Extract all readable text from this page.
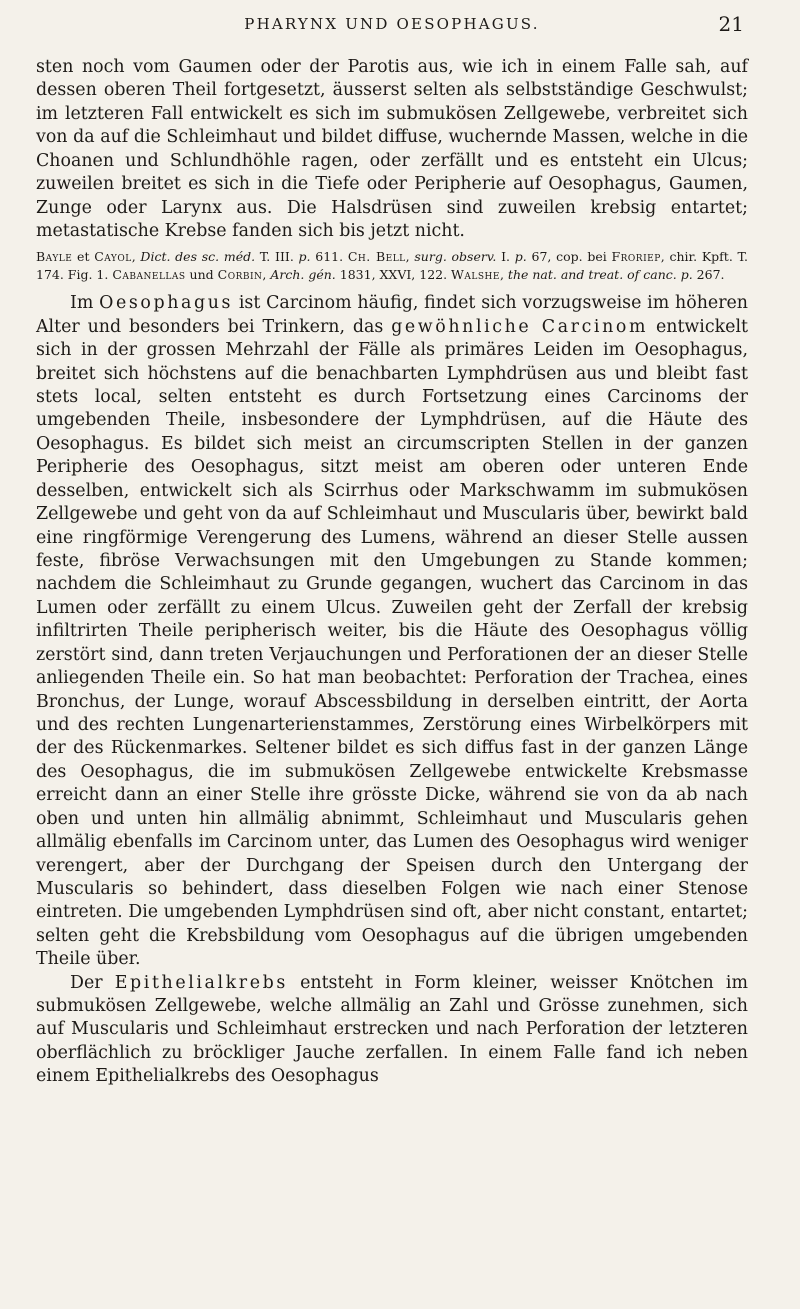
PHARYNX UND OESOPHAGUS.	21

sten noch vom Gaumen oder der Parotis aus, wie ich in einem Falle sah, auf dessen oberen Theil fortgesetzt, äusserst selten als selbstständige Geschwulst; im letzteren Fall entwickelt es sich im submukösen Zellgewebe, verbreitet sich von da auf die Schleimhaut und bildet diffuse, wuchernde Massen, welche in die Choanen und Schlundhöhle ragen, oder zerfällt und es entsteht ein Ulcus; zuweilen breitet es sich in die Tiefe oder Peripherie auf Oesophagus, Gaumen, Zunge oder Larynx aus. Die Halsdrüsen sind zuweilen krebsig entartet; metastatische Krebse fanden sich bis jetzt nicht.

Bayle et Cayol, Dict. des sc. méd. T. III. p. 611. Ch. Bell, surg. observ. I. p. 67, cop. bei Froriep, chir. Kpft. T. 174. Fig. 1. Cabanellas und Corbin, Arch. gén. 1831, XXVI, 122. Walshe, the nat. and treat. of canc. p. 267.

Im Oesophagus ist Carcinom häufig, findet sich vorzugsweise im höheren Alter und besonders bei Trinkern, das gewöhnliche Carcinom entwickelt sich in der grossen Mehrzahl der Fälle als primäres Leiden im Oesophagus, breitet sich höchstens auf die benachbarten Lymphdrüsen aus und bleibt fast stets local, selten entsteht es durch Fortsetzung eines Carcinoms der umgebenden Theile, insbesondere der Lymphdrüsen, auf die Häute des Oesophagus. Es bildet sich meist an circumscripten Stellen in der ganzen Peripherie des Oesophagus, sitzt meist am oberen oder unteren Ende desselben, entwickelt sich als Scirrhus oder Markschwamm im submukösen Zellgewebe und geht von da auf Schleimhaut und Muscularis über, bewirkt bald eine ringförmige Verengerung des Lumens, während an dieser Stelle aussen feste, fibröse Verwachsungen mit den Umgebungen zu Stande kommen; nachdem die Schleimhaut zu Grunde gegangen, wuchert das Carcinom in das Lumen oder zerfällt zu einem Ulcus. Zuweilen geht der Zerfall der krebsig infiltrirten Theile peripherisch weiter, bis die Häute des Oesophagus völlig zerstört sind, dann treten Verjauchungen und Perforationen der an dieser Stelle anliegenden Theile ein. So hat man beobachtet: Perforation der Trachea, eines Bronchus, der Lunge, worauf Abscessbildung in derselben eintritt, der Aorta und des rechten Lungenarterienstammes, Zerstörung eines Wirbelkörpers mit der des Rückenmarkes. Seltener bildet es sich diffus fast in der ganzen Länge des Oesophagus, die im submukösen Zellgewebe entwickelte Krebsmasse erreicht dann an einer Stelle ihre grösste Dicke, während sie von da ab nach oben und unten hin allmälig abnimmt, Schleimhaut und Muscularis gehen allmälig ebenfalls im Carcinom unter, das Lumen des Oesophagus wird weniger verengert, aber der Durchgang der Speisen durch den Untergang der Muscularis so behindert, dass dieselben Folgen wie nach einer Stenose eintreten. Die umgebenden Lymphdrüsen sind oft, aber nicht constant, entartet; selten geht die Krebsbildung vom Oesophagus auf die übrigen umgebenden Theile über.

Der Epithelialkrebs entsteht in Form kleiner, weisser Knötchen im submukösen Zellgewebe, welche allmälig an Zahl und Grösse zunehmen, sich auf Muscularis und Schleimhaut erstrecken und nach Perforation der letzteren oberflächlich zu bröckliger Jauche zerfallen. In einem Falle fand ich neben einem Epithelialkrebs des Oesophagus
